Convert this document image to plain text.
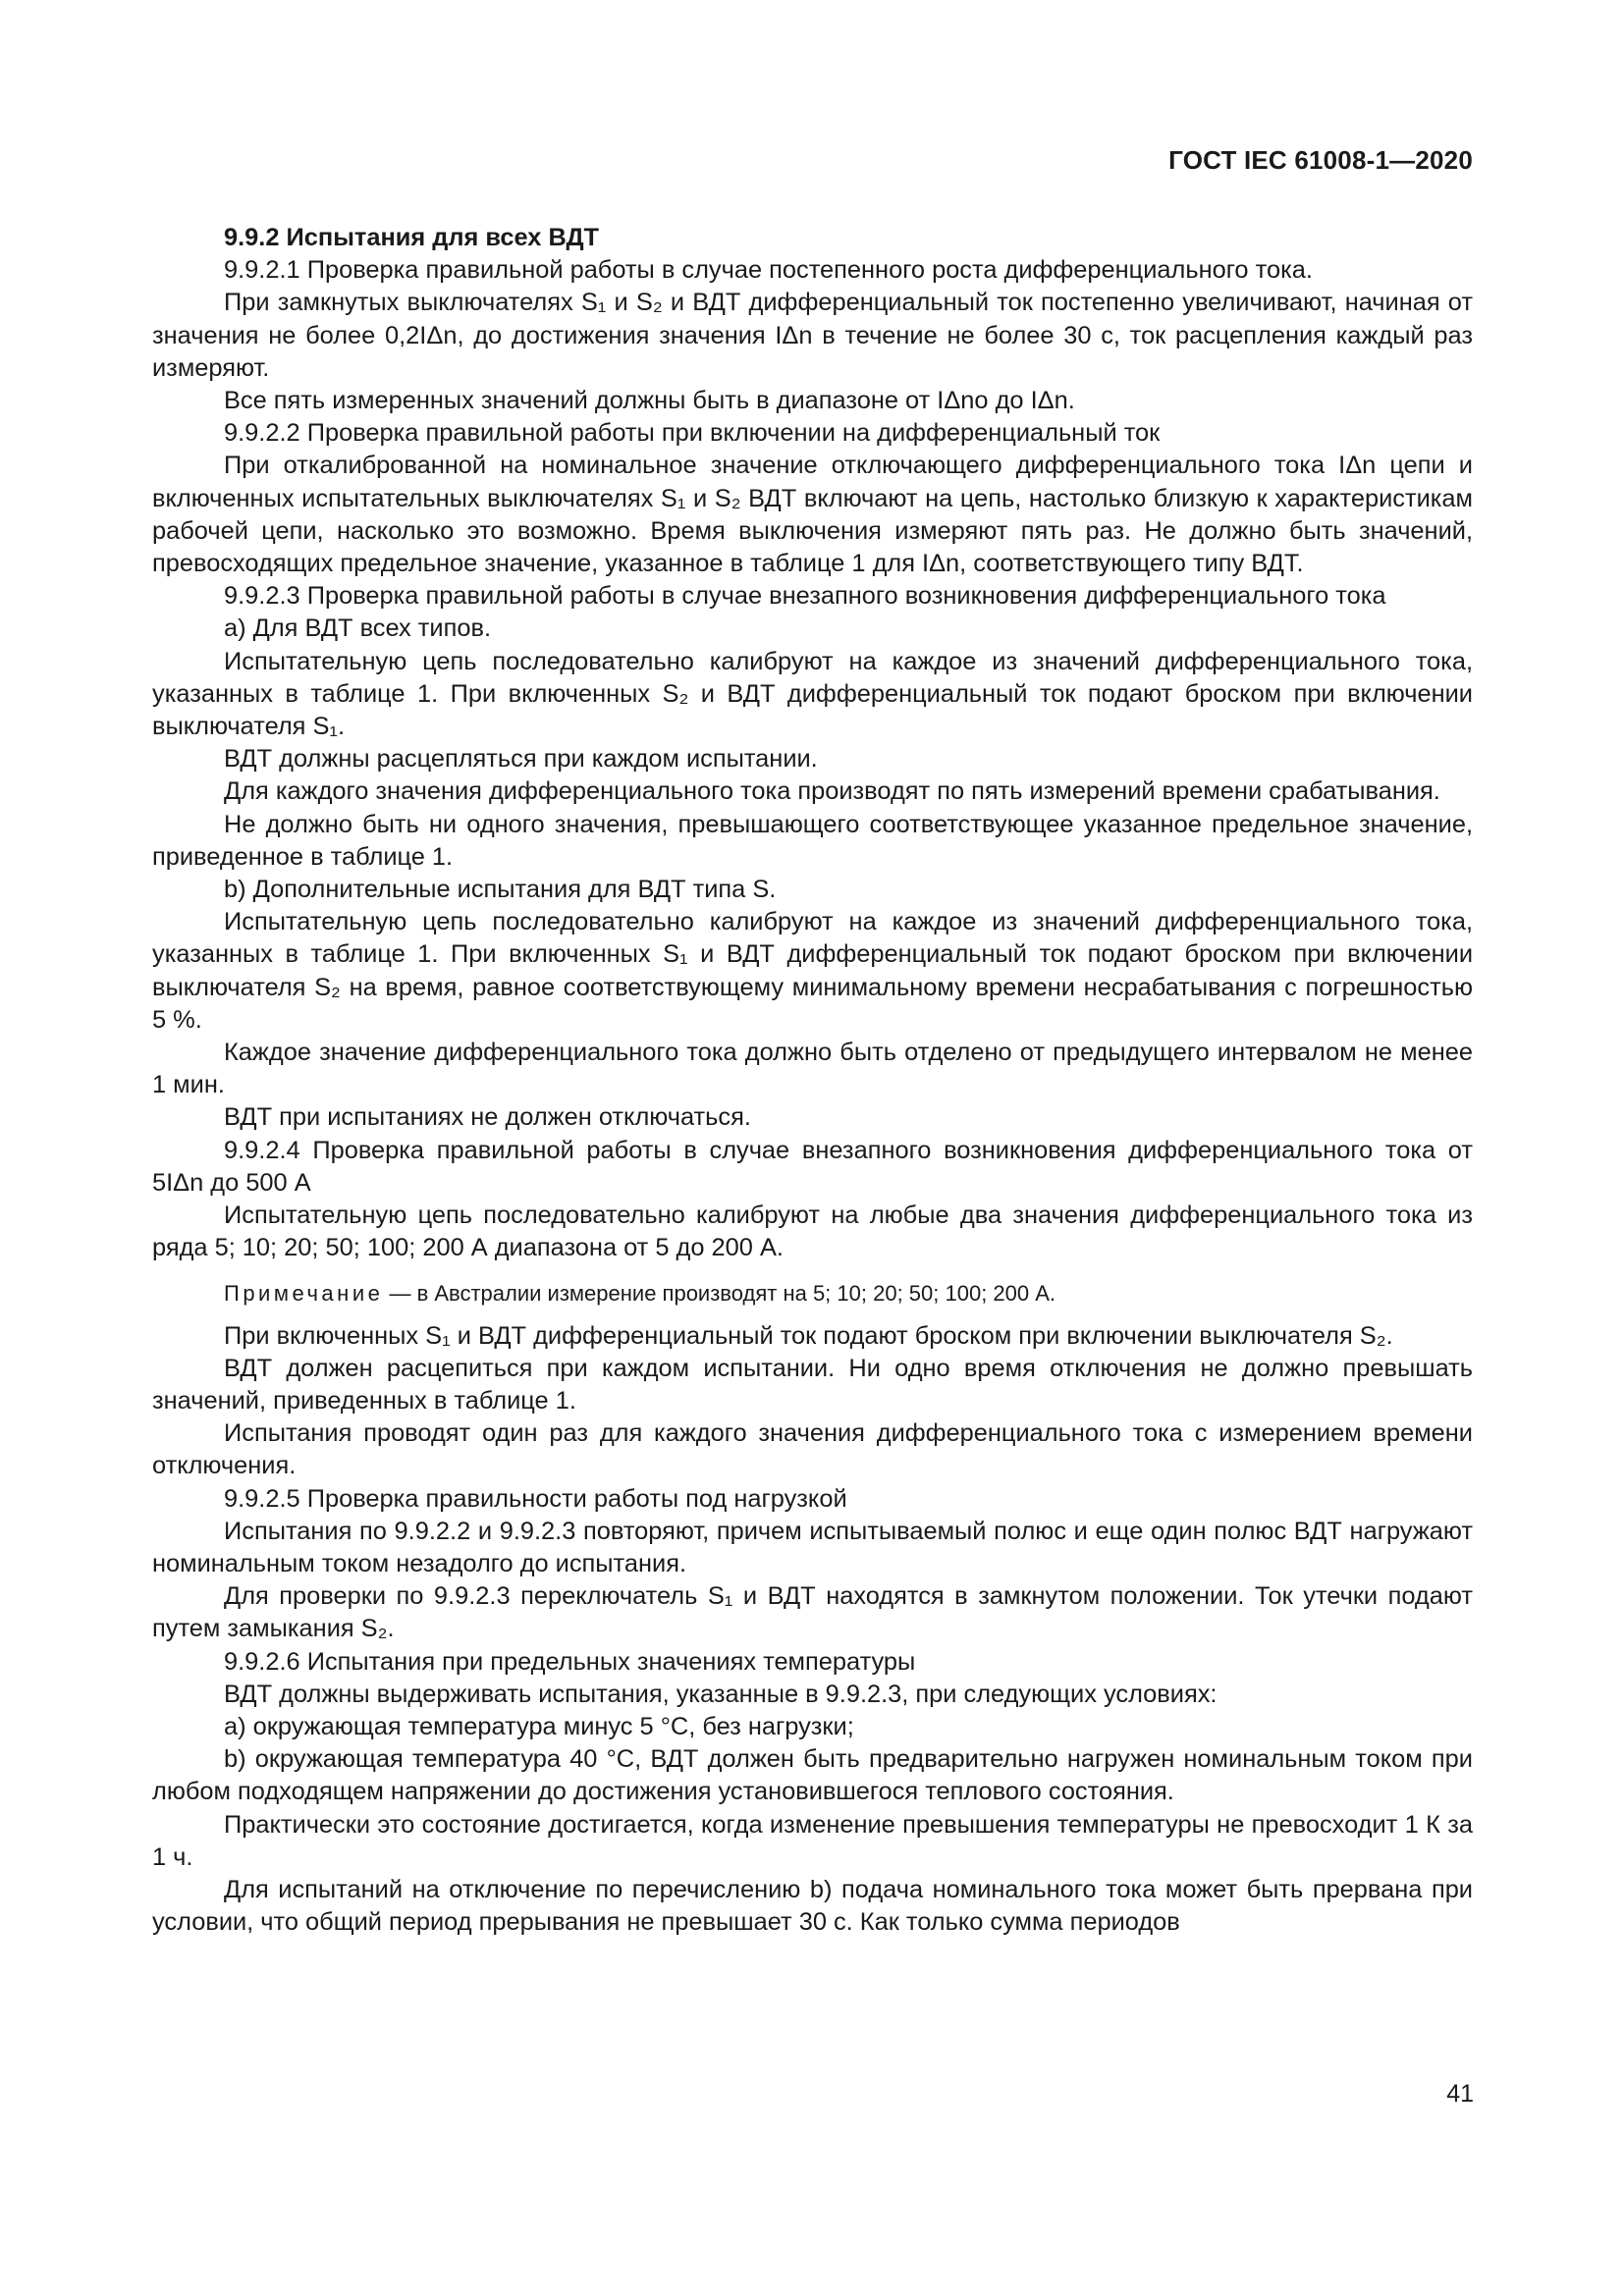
ГОСТ IEC 61008-1—2020

9.9.2 Испытания для всех ВДТ

9.9.2.1 Проверка правильной работы в случае постепенного роста дифференциального тока.

При замкнутых выключателях S₁ и S₂ и ВДТ дифференциальный ток постепенно увеличивают, начиная от значения не более 0,2IΔn, до достижения значения IΔn в течение не более 30 с, ток расцепления каждый раз измеряют.

Все пять измеренных значений должны быть в диапазоне от IΔno до IΔn.

9.9.2.2 Проверка правильной работы при включении на дифференциальный ток

При откалиброванной на номинальное значение отключающего дифференциального тока IΔn цепи и включенных испытательных выключателях S₁ и S₂ ВДТ включают на цепь, настолько близкую к характеристикам рабочей цепи, насколько это возможно. Время выключения измеряют пять раз. Не должно быть значений, превосходящих предельное значение, указанное в таблице 1 для IΔn, соответствующего типу ВДТ.

9.9.2.3 Проверка правильной работы в случае внезапного возникновения дифференциального тока

a) Для ВДТ всех типов.

Испытательную цепь последовательно калибруют на каждое из значений дифференциального тока, указанных в таблице 1. При включенных S₂ и ВДТ дифференциальный ток подают броском при включении выключателя S₁.

ВДТ должны расцепляться при каждом испытании.

Для каждого значения дифференциального тока производят по пять измерений времени срабатывания.

Не должно быть ни одного значения, превышающего соответствующее указанное предельное значение, приведенное в таблице 1.

b) Дополнительные испытания для ВДТ типа S.

Испытательную цепь последовательно калибруют на каждое из значений дифференциального тока, указанных в таблице 1. При включенных S₁ и ВДТ дифференциальный ток подают броском при включении выключателя S₂ на время, равное соответствующему минимальному времени несрабатывания с погрешностью 5 %.

Каждое значение дифференциального тока должно быть отделено от предыдущего интервалом не менее 1 мин.

ВДТ при испытаниях не должен отключаться.

9.9.2.4 Проверка правильной работы в случае внезапного возникновения дифференциального тока от 5IΔn до 500 А

Испытательную цепь последовательно калибруют на любые два значения дифференциального тока из ряда 5; 10; 20; 50; 100; 200 А диапазона от 5 до 200 А.

Примечание — в Австралии измерение производят на 5; 10; 20; 50; 100; 200 А.

При включенных S₁ и ВДТ дифференциальный ток подают броском при включении выключателя S₂.

ВДТ должен расцепиться при каждом испытании. Ни одно время отключения не должно превышать значений, приведенных в таблице 1.

Испытания проводят один раз для каждого значения дифференциального тока с измерением времени отключения.

9.9.2.5 Проверка правильности работы под нагрузкой

Испытания по 9.9.2.2 и 9.9.2.3 повторяют, причем испытываемый полюс и еще один полюс ВДТ нагружают номинальным током незадолго до испытания.

Для проверки по 9.9.2.3 переключатель S₁ и ВДТ находятся в замкнутом положении. Ток утечки подают путем замыкания S₂.

9.9.2.6 Испытания при предельных значениях температуры

ВДТ должны выдерживать испытания, указанные в 9.9.2.3, при следующих условиях:

a) окружающая температура минус 5 °С, без нагрузки;

b) окружающая температура 40 °С, ВДТ должен быть предварительно нагружен номинальным током при любом подходящем напряжении до достижения установившегося теплового состояния.

Практически это состояние достигается, когда изменение превышения температуры не превосходит 1 К за 1 ч.

Для испытаний на отключение по перечислению b) подача номинального тока может быть прервана при условии, что общий период прерывания не превышает 30 с. Как только сумма периодов

41
